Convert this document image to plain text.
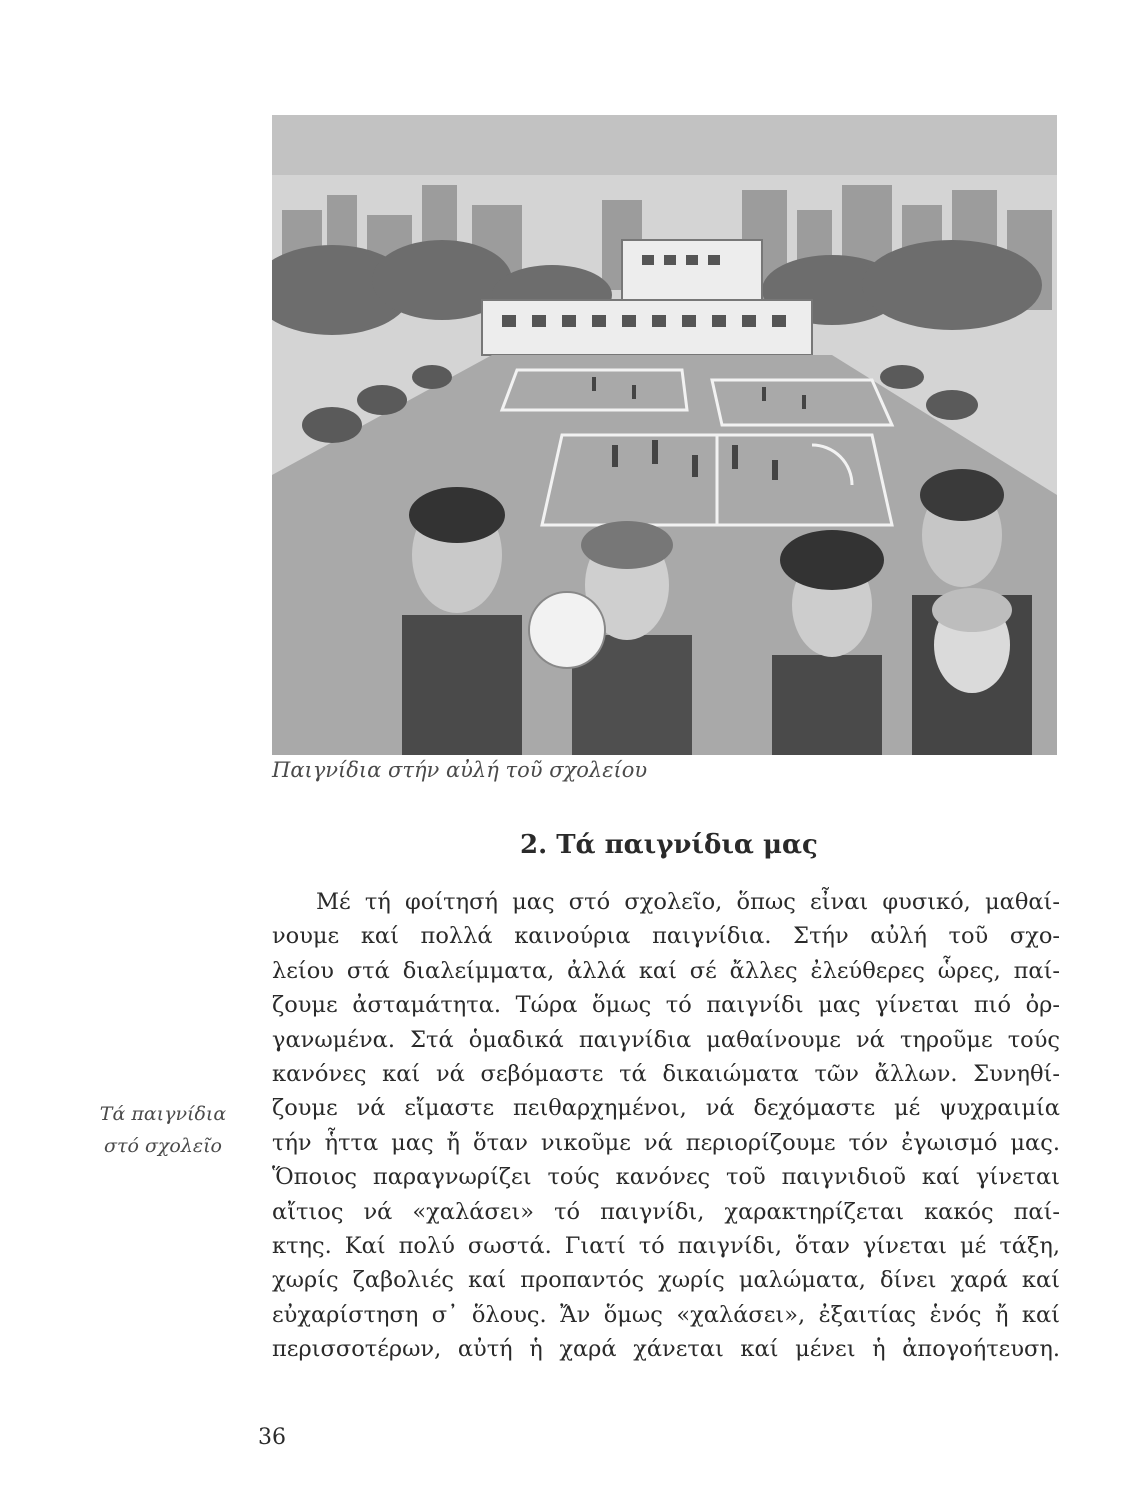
Παιγνίδια στήν αὐλή τοῦ σχολείου
2. Τά παιγνίδια μας
Τά παιγνίδια
στό σχολεῖο
Μέ τή φοίτησή μας στό σχολεῖο, ὅπως εἶναι φυσικό, μαθαί-
νουμε καί πολλά καινούρια παιγνίδια. Στήν αὐλή τοῦ σχο-
λείου στά διαλείμματα, ἀλλά καί σέ ἄλλες ἐλεύθερες ὧρες, παί-
ζουμε ἀσταμάτητα. Τώρα ὅμως τό παιγνίδι μας γίνεται πιό ὀρ-
γανωμένα. Στά ὁμαδικά παιγνίδια μαθαίνουμε νά τηροῦμε τούς
κανόνες καί νά σεβόμαστε τά δικαιώματα τῶν ἄλλων. Συνηθί-
ζουμε νά εἴμαστε πειθαρχημένοι, νά δεχόμαστε μέ ψυχραιμία
τήν ἧττα μας ἤ ὅταν νικοῦμε νά περιορίζουμε τόν ἐγωισμό μας.
Ὅποιος παραγνωρίζει τούς κανόνες τοῦ παιγνιδιοῦ καί γίνεται
αἴτιος νά «χαλάσει» τό παιγνίδι, χαρακτηρίζεται κακός παί-
κτης. Καί πολύ σωστά. Γιατί τό παιγνίδι, ὅταν γίνεται μέ τάξη,
χωρίς ζαβολιές καί προπαντός χωρίς μαλώματα, δίνει χαρά καί
εὐχαρίστηση σ᾽ ὅλους. Ἄν ὅμως «χαλάσει», ἐξαιτίας ἑνός ἤ καί
περισσοτέρων, αὐτή ἡ χαρά χάνεται καί μένει ἡ ἀπογοήτευση.
36
